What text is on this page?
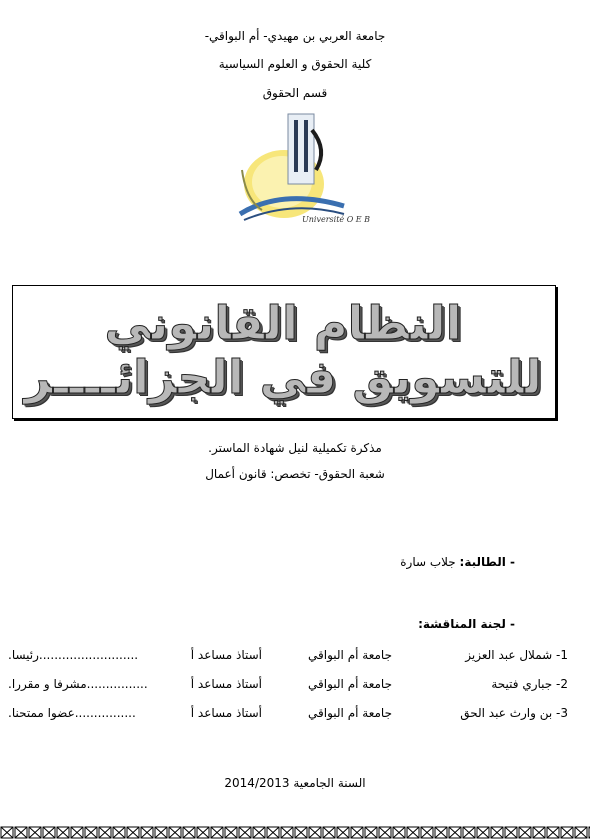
جامعة العربي بن مهيدي- أم البواقي-
كلية الحقوق و العلوم السياسية
قسم الحقوق
Université O E B
النظام القانوني للتسويق في الجزائــــر
مذكرة تكميلية لنيل شهادة الماستر.
شعبة الحقوق- تخصص: قانون أعمال
- الطالبة: جلاب سارة
- لجنة المناقشة:
1- شملال عبد العزيز
جامعة أم البواقي
أستاذ مساعد أ
..........................رئيسا.
2- جباري فتيحة
جامعة أم البواقي
أستاذ مساعد أ
................مشرفا و مقررا.
3- بن وارث عبد الحق
جامعة أم البواقي
أستاذ مساعد أ
................عضوا ممتحنا.
السنة الجامعية 2014/2013
